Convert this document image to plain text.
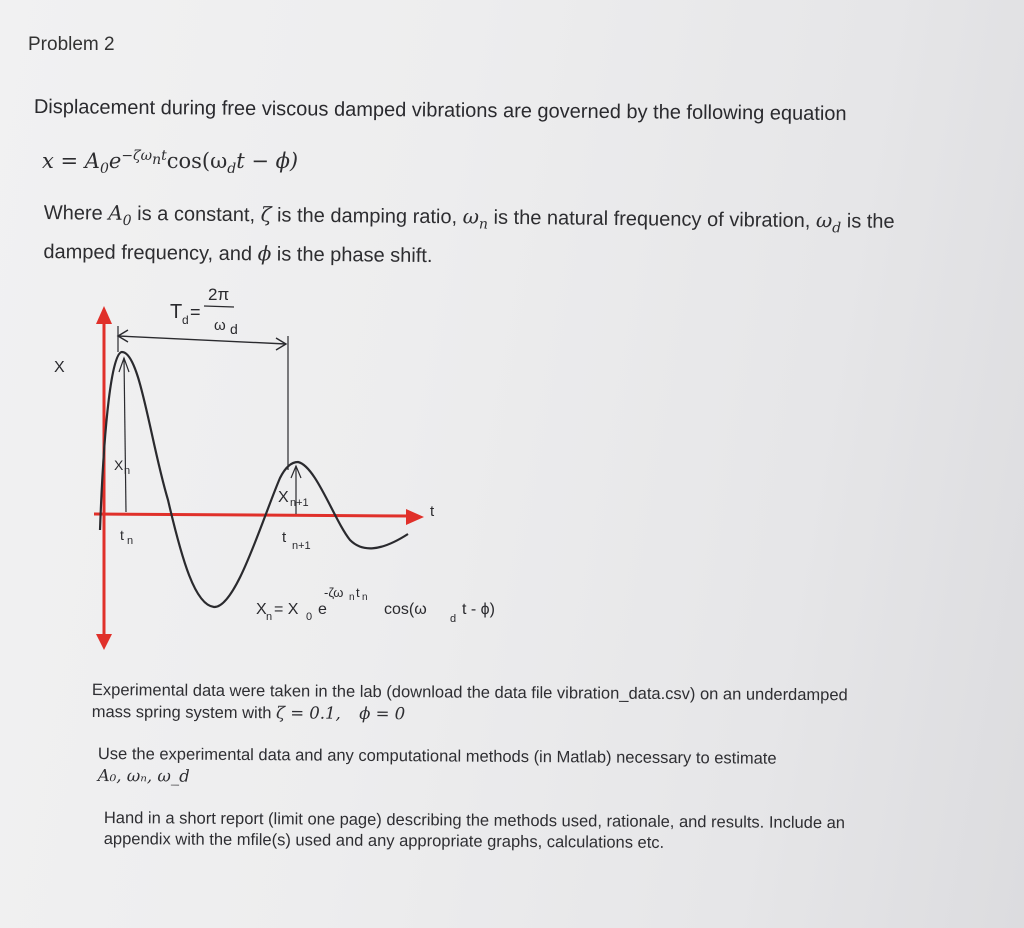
Problem 2
Displacement during free viscous damped vibrations are governed by the following equation
$x = A_0e^{-\zeta\omega_nt}\cos(\omega_dt - \phi)$
Where $A_0$ is a constant, ζ is the damping ratio, $\omega_n$ is the natural frequency of vibration, $\omega_d$ is the
damped frequency, and ϕ is the phase shift.
X
t
T d =
2π
ω d
X n
X n+1
t n	t n+1
X n = X 0 e
-ζω n t n
cos(ω
d
t - ϕ)
Experimental data were taken in the lab (download the data file vibration_data.csv) on an underdamped
mass spring system with ζ = 0.1, ϕ = 0
Use the experimental data and any computational methods (in Matlab) necessary to estimate
A₀, ωₙ, ω_d
Hand in a short report (limit one page) describing the methods used, rationale, and results. Include an
appendix with the mfile(s) used and any appropriate graphs, calculations etc.
